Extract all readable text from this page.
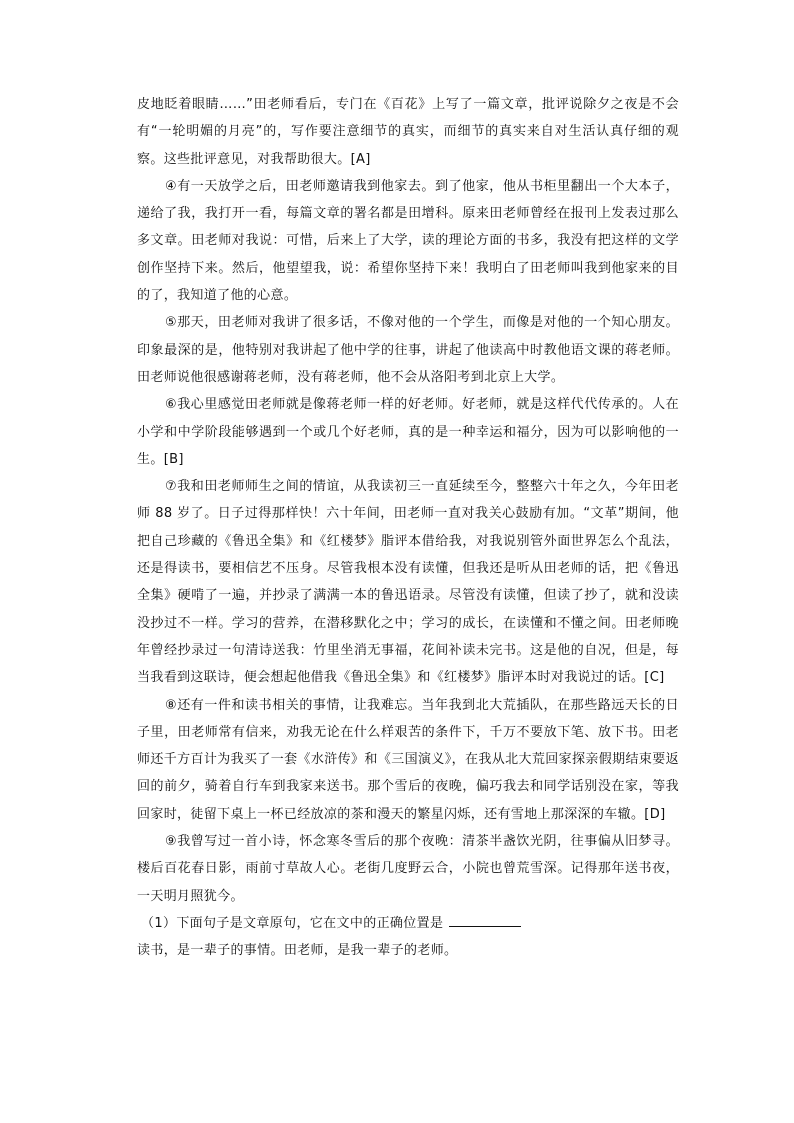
皮地眨着眼睛……”田老师看后，专门在《百花》上写了一篇文章，批评说除夕之夜是不会有“一轮明媚的月亮”的，写作要注意细节的真实，而细节的真实来自对生活认真仔细的观察。这些批评意见，对我帮助很大。[A]

④有一天放学之后，田老师邀请我到他家去。到了他家，他从书柜里翻出一个大本子，递给了我，我打开一看，每篇文章的署名都是田增科。原来田老师曾经在报刊上发表过那么多文章。田老师对我说：可惜，后来上了大学，读的理论方面的书多，我没有把这样的文学创作坚持下来。然后，他望望我，说：希望你坚持下来！我明白了田老师叫我到他家来的目的了，我知道了他的心意。

⑤那天，田老师对我讲了很多话，不像对他的一个学生，而像是对他的一个知心朋友。印象最深的是，他特别对我讲起了他中学的往事，讲起了他读高中时教他语文课的蒋老师。田老师说他很感谢蒋老师，没有蒋老师，他不会从洛阳考到北京上大学。

⑥我心里感觉田老师就是像蒋老师一样的好老师。好老师，就是这样代代传承的。人在小学和中学阶段能够遇到一个或几个好老师，真的是一种幸运和福分，因为可以影响他的一生。[B]

⑦我和田老师师生之间的情谊，从我读初三一直延续至今，整整六十年之久，今年田老师 88 岁了。日子过得那样快！六十年间，田老师一直对我关心鼓励有加。“文革”期间，他把自己珍藏的《鲁迅全集》和《红楼梦》脂评本借给我，对我说别管外面世界怎么个乱法，还是得读书，要相信艺不压身。尽管我根本没有读懂，但我还是听从田老师的话，把《鲁迅全集》硬啃了一遍，并抄录了满满一本的鲁迅语录。尽管没有读懂，但读了抄了，就和没读没抄过不一样。学习的营养，在潜移默化之中；学习的成长，在读懂和不懂之间。田老师晚年曾经抄录过一句清诗送我：竹里坐消无事福，花间补读未完书。这是他的自况，但是，每当我看到这联诗，便会想起他借我《鲁迅全集》和《红楼梦》脂评本时对我说过的话。[C]

⑧还有一件和读书相关的事情，让我难忘。当年我到北大荒插队，在那些路远天长的日子里，田老师常有信来，劝我无论在什么样艰苦的条件下，千万不要放下笔、放下书。田老师还千方百计为我买了一套《水浒传》和《三国演义》，在我从北大荒回家探亲假期结束要返回的前夕，骑着自行车到我家来送书。那个雪后的夜晚，偏巧我去和同学话别没在家，等我回家时，徒留下桌上一杯已经放凉的茶和漫天的繁星闪烁，还有雪地上那深深的车辙。[D]

⑨我曾写过一首小诗，怀念寒冬雪后的那个夜晚：清茶半盏饮光阴，往事偏从旧梦寻。楼后百花春日影，雨前寸草故人心。老街几度野云合，小院也曾荒雪深。记得那年送书夜，一天明月照犹今。

（1）下面句子是文章原句，它在文中的正确位置是

读书，是一辈子的事情。田老师，是我一辈子的老师。
